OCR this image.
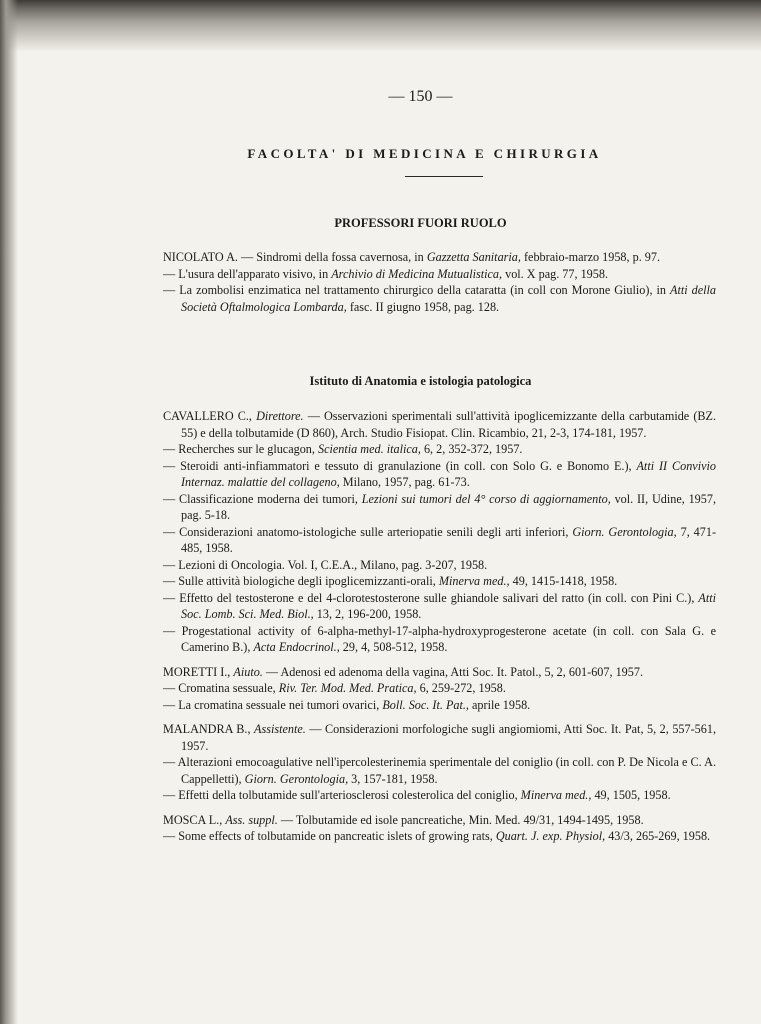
— 150 —
FACOLTA' DI MEDICINA E CHIRURGIA
PROFESSORI FUORI RUOLO
NICOLATO A. — Sindromi della fossa cavernosa, in Gazzetta Sanitaria, febbraio-marzo 1958, p. 97.
— L'usura dell'apparato visivo, in Archivio di Medicina Mutualistica, vol. X pag. 77, 1958.
— La zombolisi enzimatica nel trattamento chirurgico della cataratta (in coll con Morone Giulio), in Atti della Società Oftalmologica Lombarda, fasc. II giugno 1958, pag. 128.
Istituto di Anatomia e istologia patologica
CAVALLERO C., Direttore. — Osservazioni sperimentali sull'attività ipoglicemizzante della carbutamide (BZ. 55) e della tolbutamide (D 860), Arch. Studio Fisiopat. Clin. Ricambio, 21, 2-3, 174-181, 1957.
— Recherches sur le glucagon, Scientia med. italica, 6, 2, 352-372, 1957.
— Steroidi anti-infiammatori e tessuto di granulazione (in coll. con Solo G. e Bonomo E.), Atti II Convivio Internaz. malattie del collageno, Milano, 1957, pag. 61-73.
— Classificazione moderna dei tumori, Lezioni sui tumori del 4° corso di aggiornamento, vol. II, Udine, 1957, pag. 5-18.
— Considerazioni anatomo-istologiche sulle arteriopatie senili degli arti inferiori, Giorn. Gerontologia, 7, 471-485, 1958.
— Lezioni di Oncologia. Vol. I, C.E.A., Milano, pag. 3-207, 1958.
— Sulle attività biologiche degli ipoglicemizzanti-orali, Minerva med., 49, 1415-1418, 1958.
— Effetto del testosterone e del 4-clorotestosterone sulle ghiandole salivari del ratto (in coll. con Pini C.), Atti Soc. Lomb. Sci. Med. Biol., 13, 2, 196-200, 1958.
— Progestational activity of 6-alpha-methyl-17-alpha-hydroxyprogesterone acetate (in coll. con Sala G. e Camerino B.), Acta Endocrinol., 29, 4, 508-512, 1958.
MORETTI I., Aiuto. — Adenosi ed adenoma della vagina, Atti Soc. It. Patol., 5, 2, 601-607, 1957.
— Cromatina sessuale, Riv. Ter. Mod. Med. Pratica, 6, 259-272, 1958.
— La cromatina sessuale nei tumori ovarici, Boll. Soc. It. Pat., aprile 1958.
MALANDRA B., Assistente. — Considerazioni morfologiche sugli angiomiomi, Atti Soc. It. Pat, 5, 2, 557-561, 1957.
— Alterazioni emocoagulative nell'ipercolesterinemia sperimentale del coniglio (in coll. con P. De Nicola e C. A. Cappelletti), Giorn. Gerontologia, 3, 157-181, 1958.
— Effetti della tolbutamide sull'arteriosclerosi colesterolica del coniglio, Minerva med., 49, 1505, 1958.
MOSCA L., Ass. suppl. — Tolbutamide ed isole pancreatiche, Min. Med. 49/31, 1494-1495, 1958.
— Some effects of tolbutamide on pancreatic islets of growing rats, Quart. J. exp. Physiol, 43/3, 265-269, 1958.
